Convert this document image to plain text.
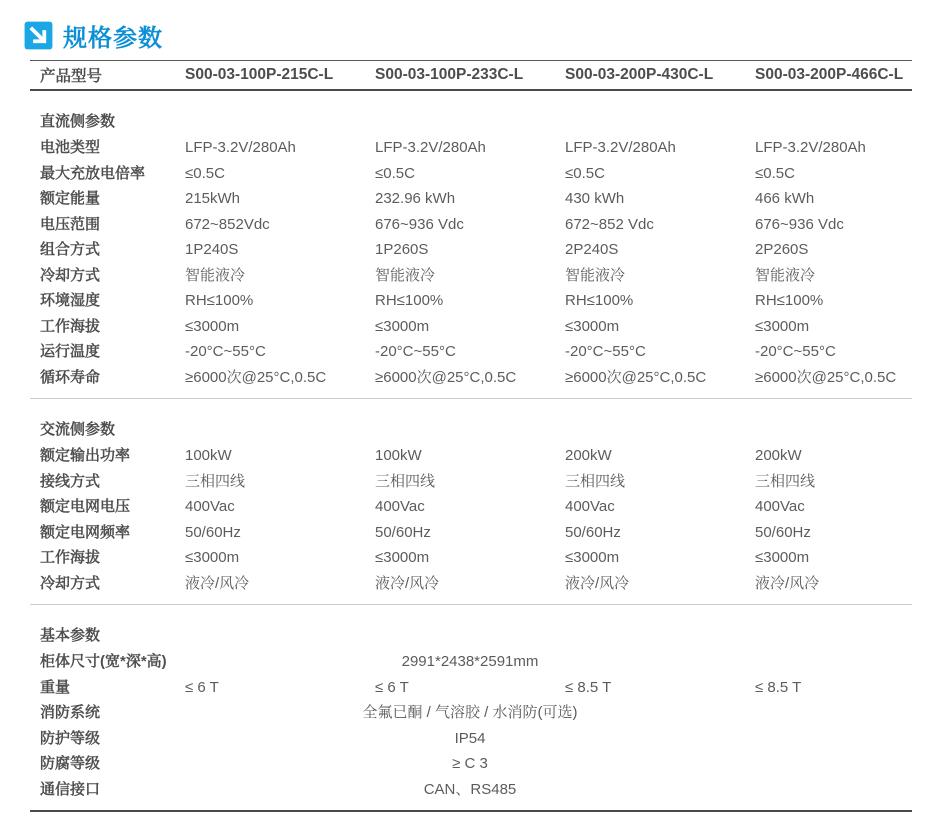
规格参数
产品型号	S00-03-100P-215C-L	S00-03-100P-233C-L	S00-03-200P-430C-L	S00-03-200P-466C-L
直流侧参数
电池类型	LFP-3.2V/280Ah	LFP-3.2V/280Ah	LFP-3.2V/280Ah	LFP-3.2V/280Ah
最大充放电倍率	≤0.5C	≤0.5C	≤0.5C	≤0.5C
额定能量	215kWh	232.96 kWh	430 kWh	466 kWh
电压范围	672~852Vdc	676~936 Vdc	672~852 Vdc	676~936 Vdc
组合方式	1P240S	1P260S	2P240S	2P260S
冷却方式	智能液冷	智能液冷	智能液冷	智能液冷
环境湿度	RH≤100%	RH≤100%	RH≤100%	RH≤100%
工作海拔	≤3000m	≤3000m	≤3000m	≤3000m
运行温度	-20°C~55°C	-20°C~55°C	-20°C~55°C	-20°C~55°C
循环寿命	≥6000次@25°C,0.5C	≥6000次@25°C,0.5C	≥6000次@25°C,0.5C	≥6000次@25°C,0.5C
交流侧参数
额定输出功率	100kW	100kW	200kW	200kW
接线方式	三相四线	三相四线	三相四线	三相四线
额定电网电压	400Vac	400Vac	400Vac	400Vac
额定电网频率	50/60Hz	50/60Hz	50/60Hz	50/60Hz
工作海拔	≤3000m	≤3000m	≤3000m	≤3000m
冷却方式	液冷/风冷	液冷/风冷	液冷/风冷	液冷/风冷
基本参数
柜体尺寸(宽*深*高)	2991*2438*2591mm
重量	≤ 6 T	≤ 6 T	≤ 8.5 T	≤ 8.5 T
消防系统	全氟已酮 / 气溶胶 / 水消防(可选)
防护等级	IP54
防腐等级	≥ C 3
通信接口	CAN、RS485
